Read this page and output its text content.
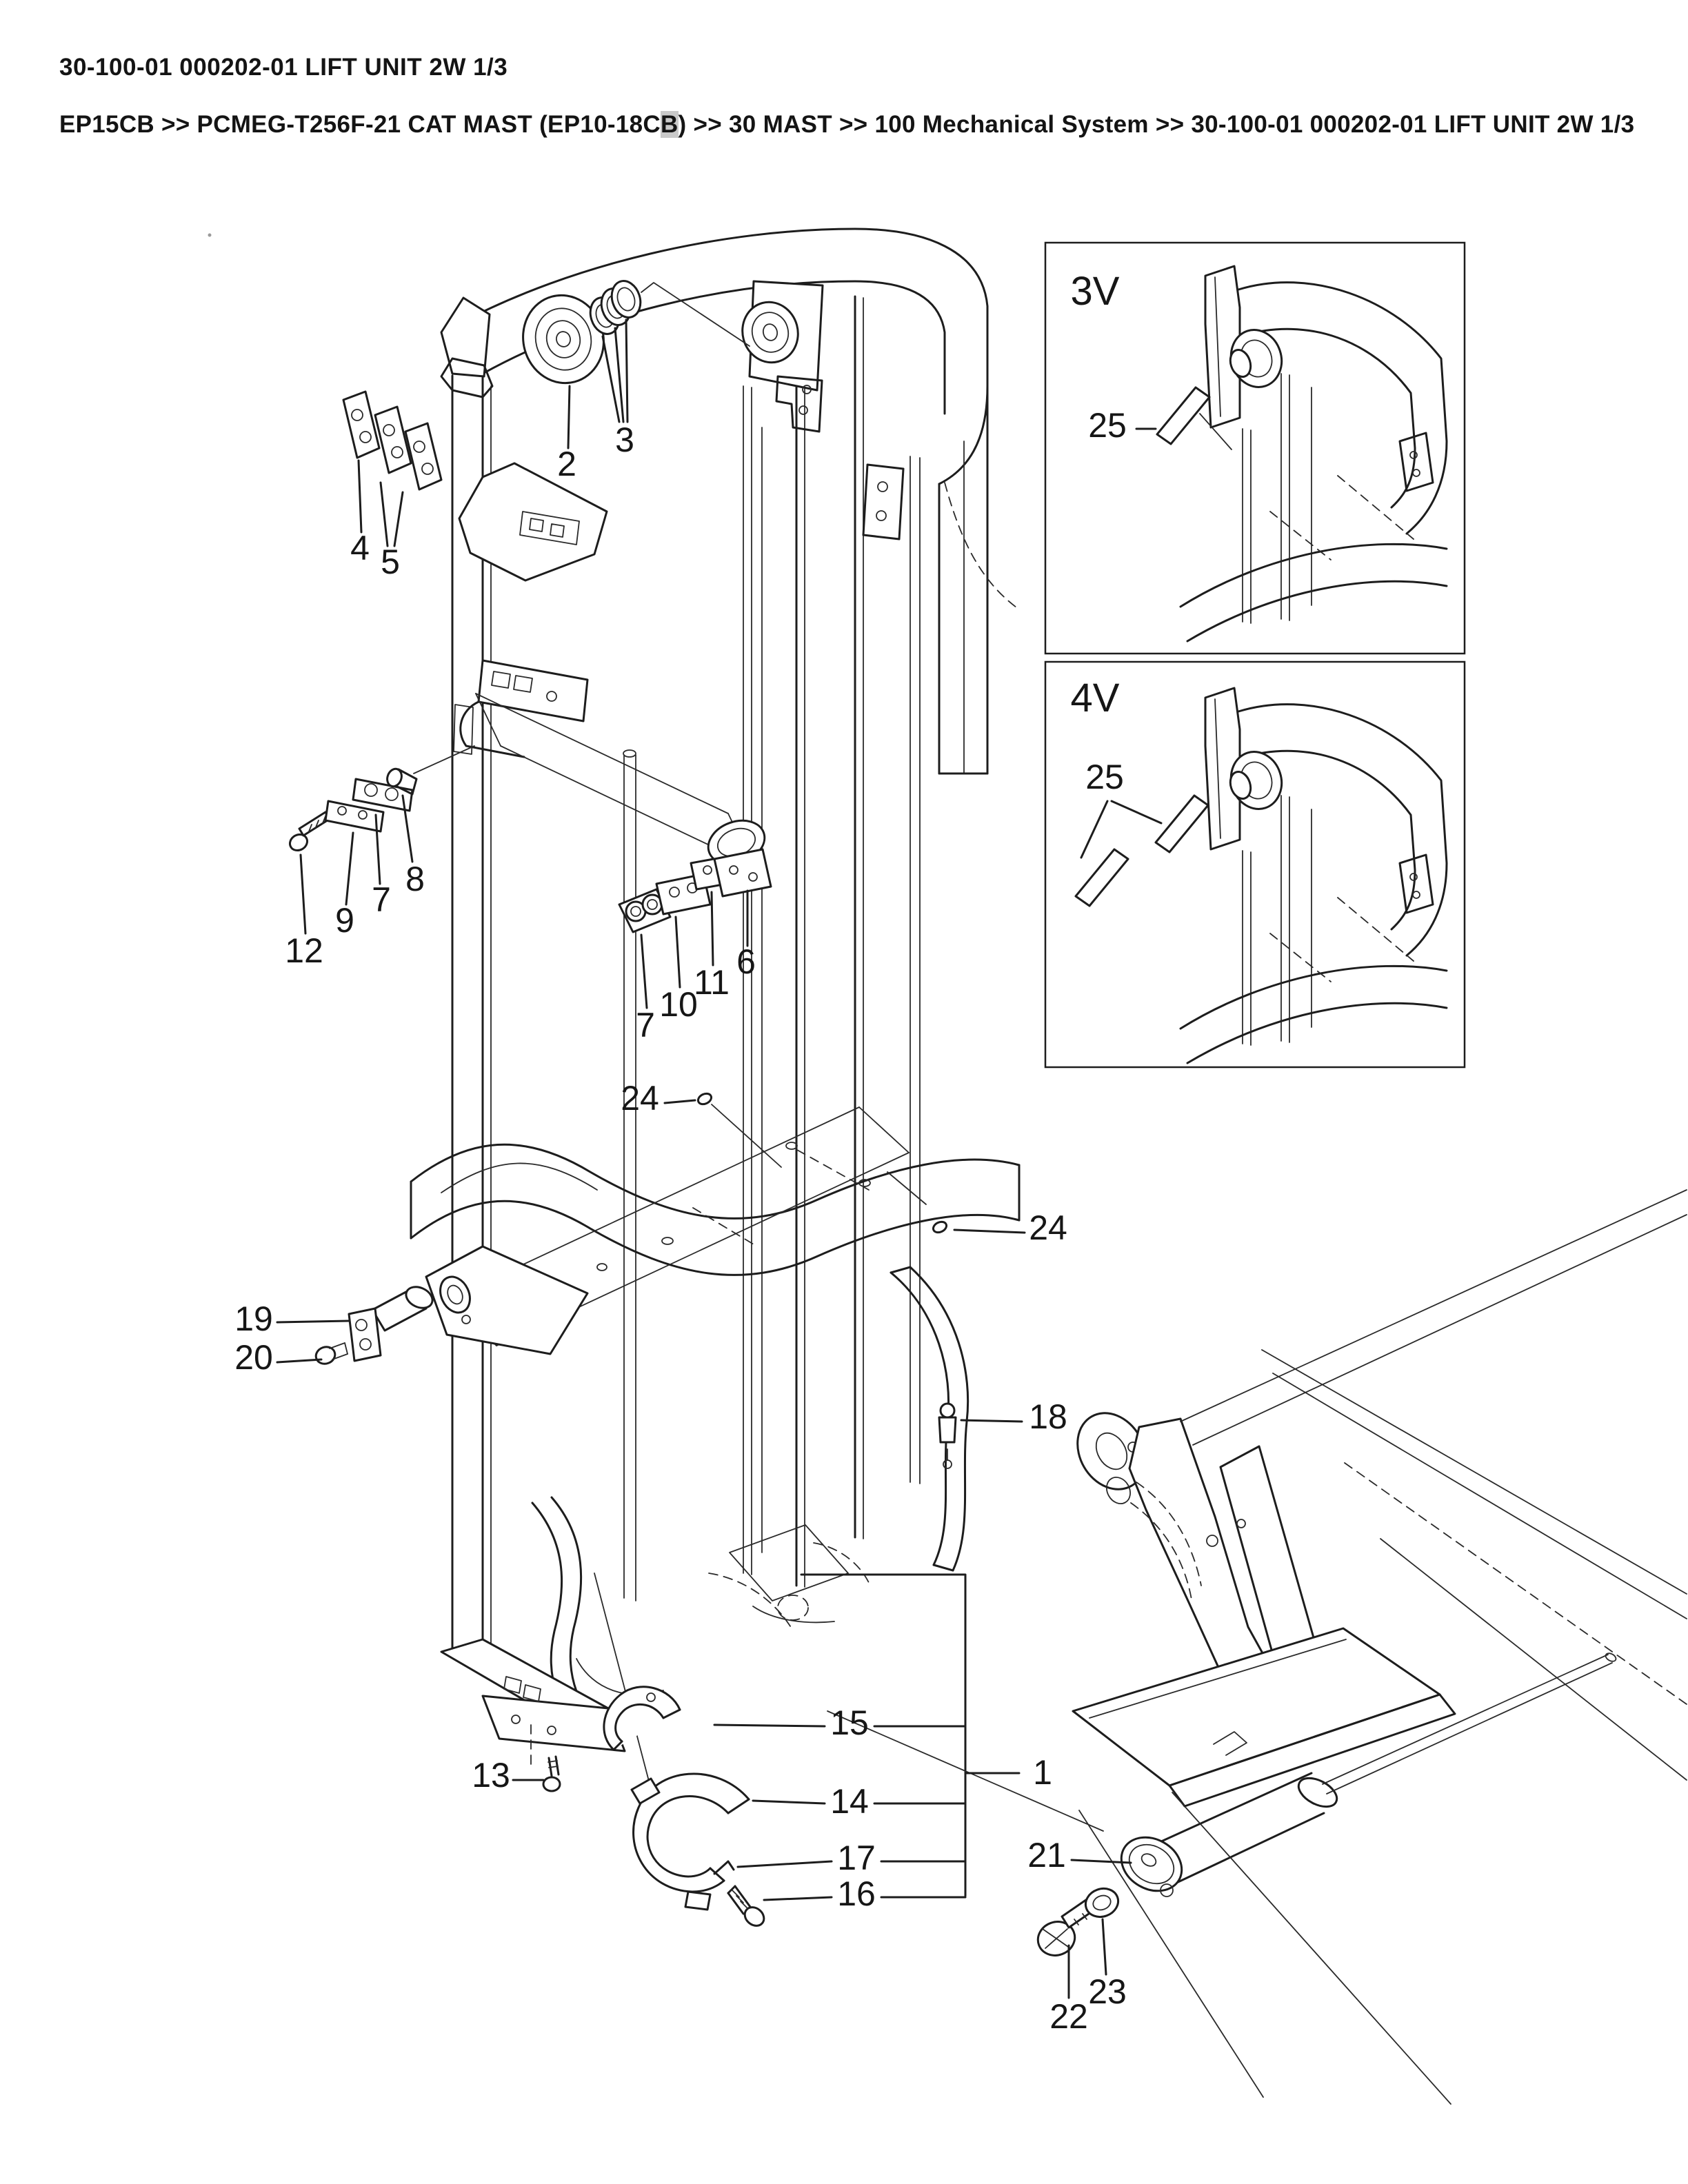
30-100-01 000202-01 LIFT UNIT 2W 1/3
EP15CB >> PCMEG-T256F-21 CAT MAST (EP10-18CB) >> 30 MAST >> 100 Mechanical System >> 30-100-01 000202-01 LIFT UNIT 2W 1/3
2
3
4 5
12
9
7
8
7
10
11
6
24
24
19
20
18
13
15
14
17
16
1
21
22
23
25
25
3V
4V
